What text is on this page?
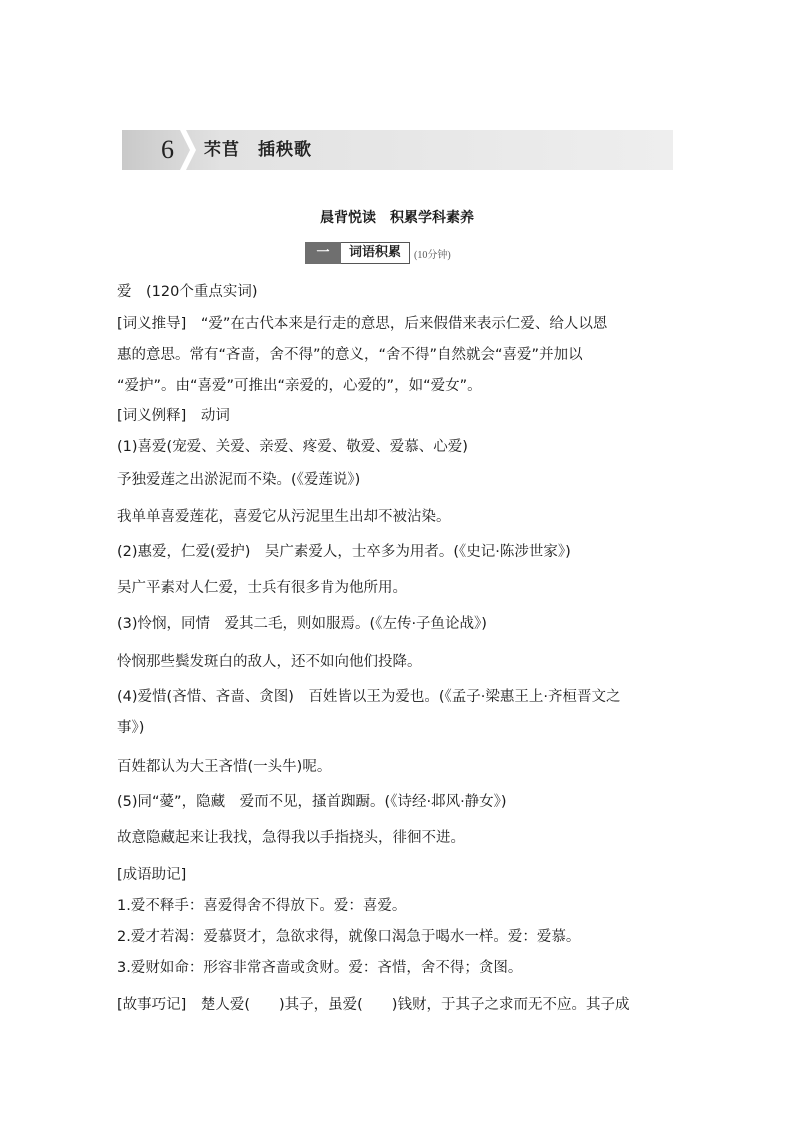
6 芣苢　插秧歌
晨背悦读　积累学科素养
一	词语积累	(10分钟)
爱　(120个重点实词)
[词义推导]　“爱”在古代本来是行走的意思，后来假借来表示仁爱、给人以恩
惠的意思。常有“吝啬，舍不得”的意义，“舍不得”自然就会“喜爱”并加以
“爱护”。由“喜爱”可推出“亲爱的，心爱的”，如“爱女”。
[词义例释]　动词
(1)喜爱(宠爱、关爱、亲爱、疼爱、敬爱、爱慕、心爱)
予独爱莲之出淤泥而不染。(《爱莲说》)
我单单喜爱莲花，喜爱它从污泥里生出却不被沾染。
(2)惠爱，仁爱(爱护)　吴广素爱人，士卒多为用者。(《史记·陈涉世家》)
吴广平素对人仁爱，士兵有很多肯为他所用。
(3)怜悯，同情　爱其二毛，则如服焉。(《左传·子鱼论战》)
怜悯那些鬓发斑白的敌人，还不如向他们投降。
(4)爱惜(吝惜、吝啬、贪图)　百姓皆以王为爱也。(《孟子·梁惠王上·齐桓晋文之
事》)
百姓都认为大王吝惜(一头牛)呢。
(5)同“薆”，隐藏　爱而不见，搔首踟蹰。(《诗经·邶风·静女》)
故意隐藏起来让我找，急得我以手指挠头，徘徊不进。
[成语助记]
1.爱不释手：喜爱得舍不得放下。爱：喜爱。
2.爱才若渴：爱慕贤才，急欲求得，就像口渴急于喝水一样。爱：爱慕。
3.爱财如命：形容非常吝啬或贪财。爱：吝惜，舍不得；贪图。
[故事巧记]　楚人爱(　　)其子，虽爱(　　)钱财，于其子之求而无不应。其子成
